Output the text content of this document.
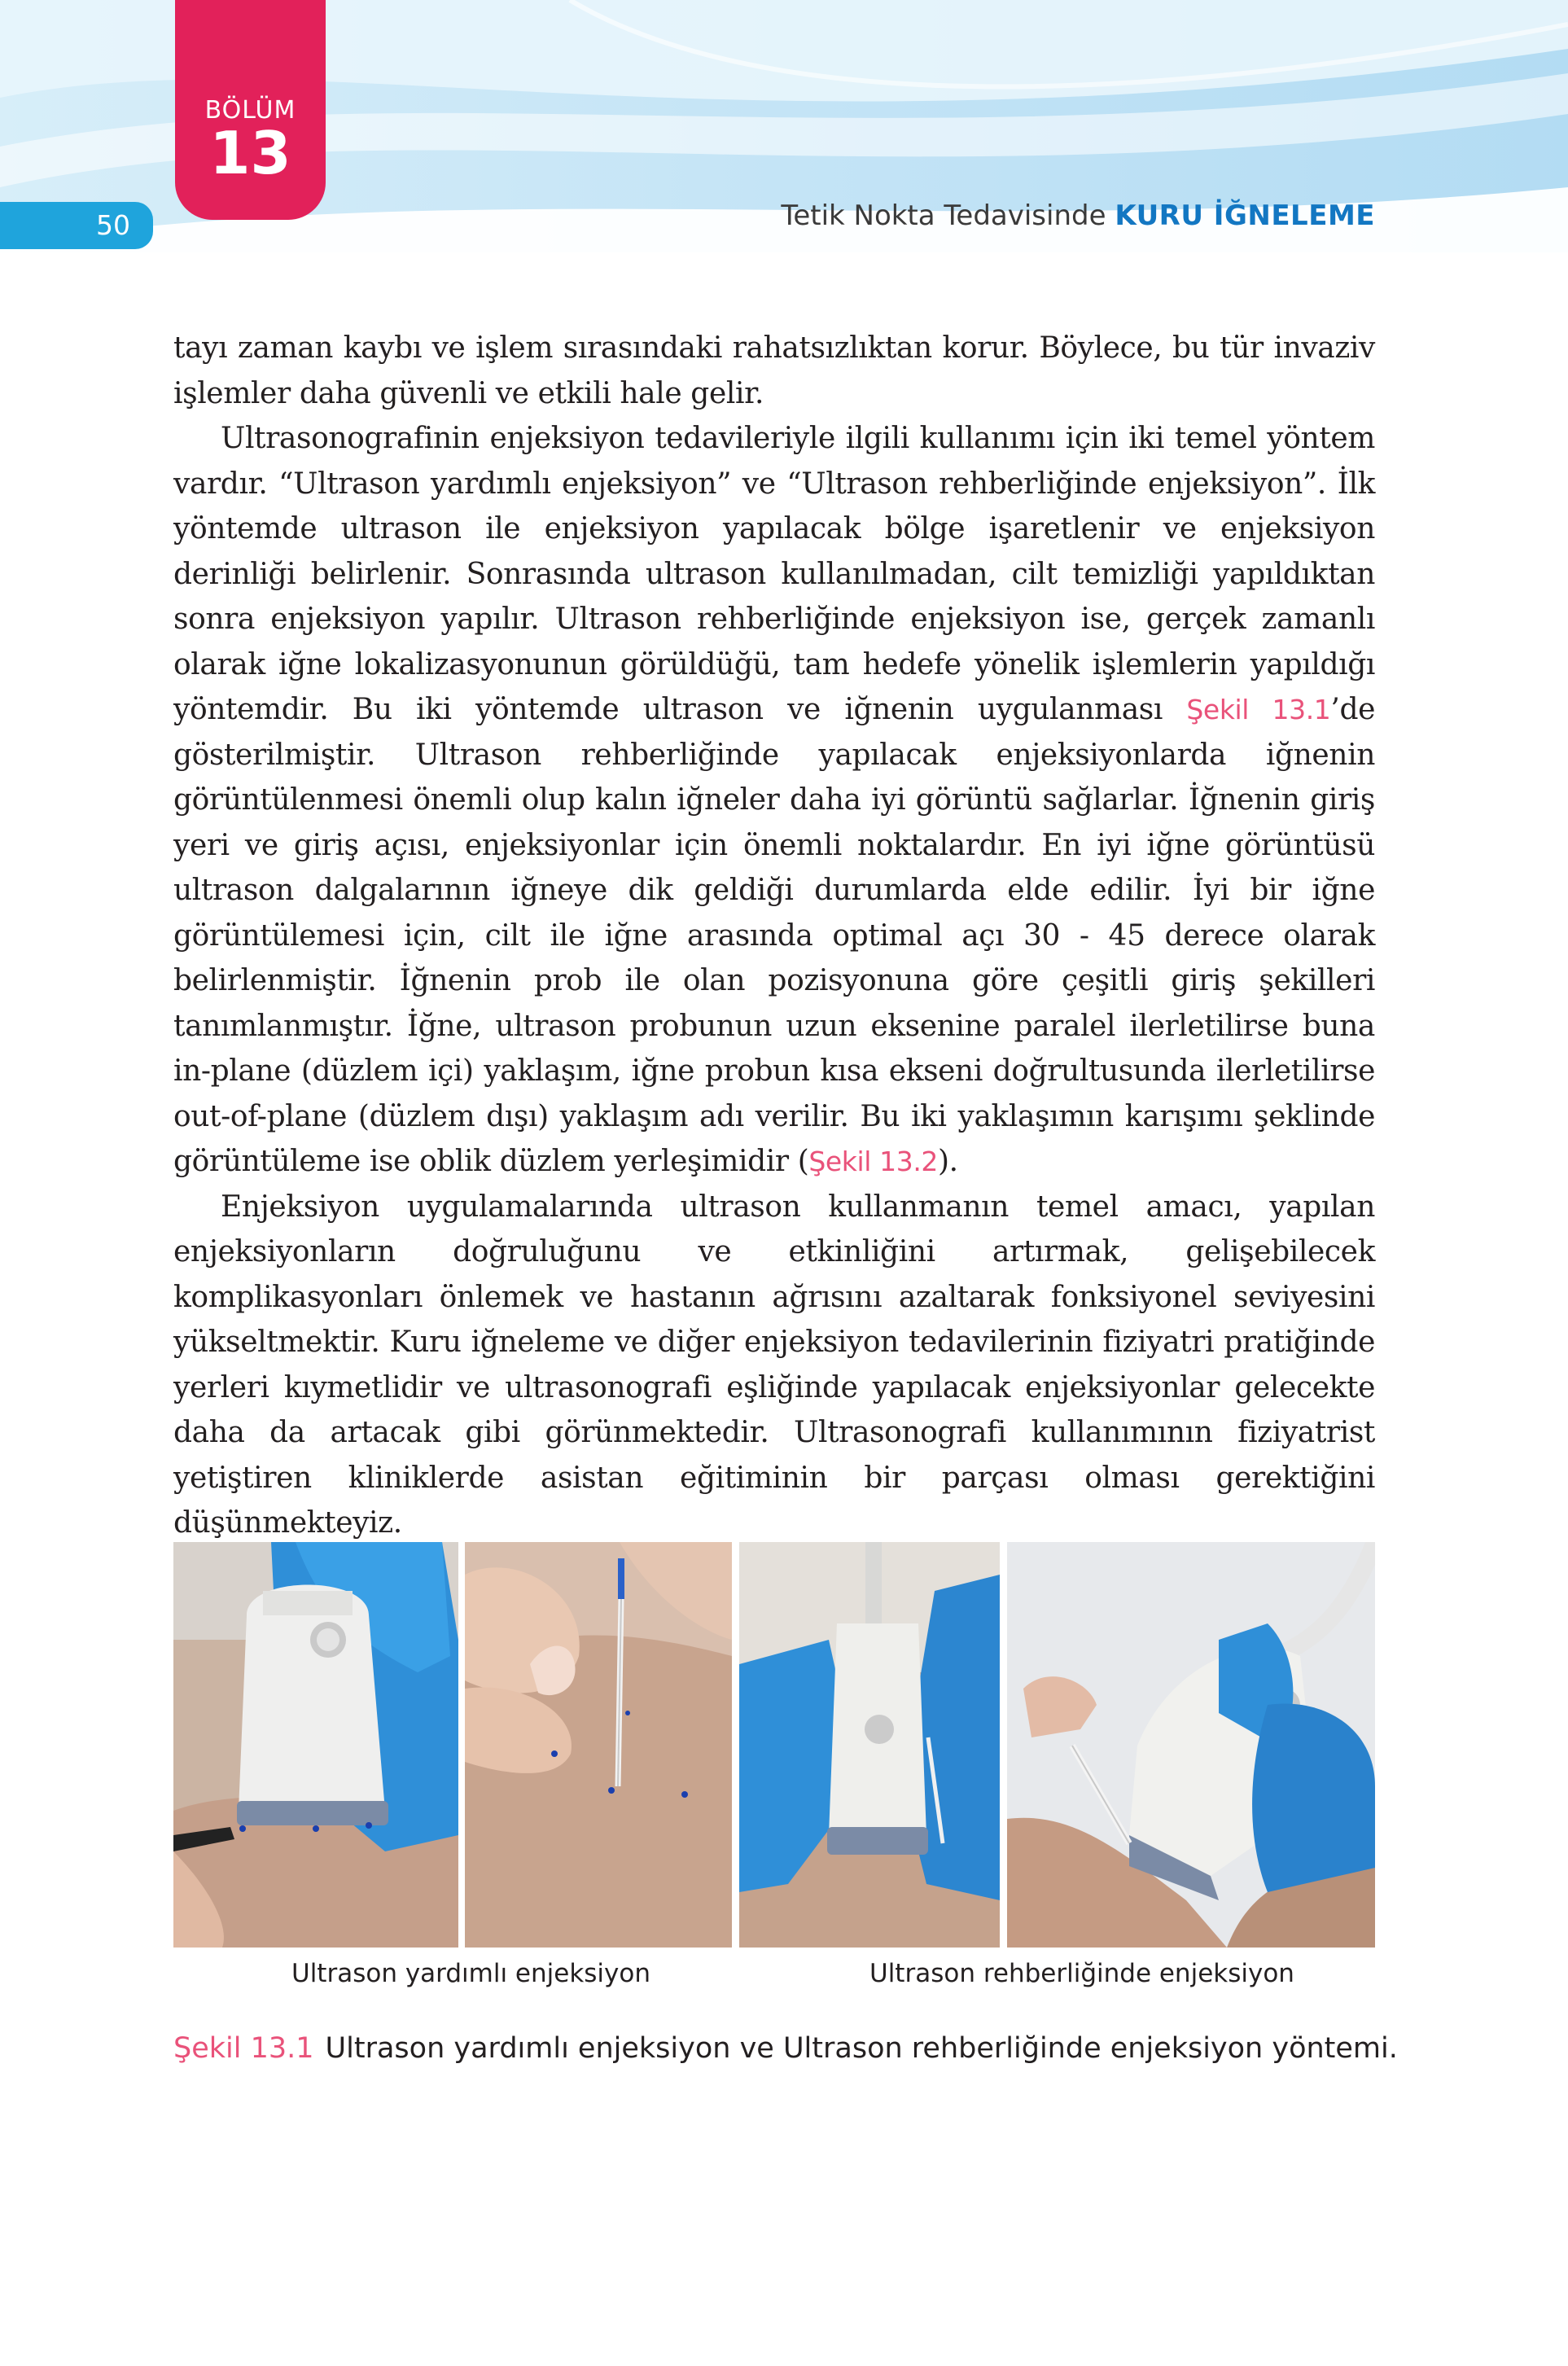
BÖLÜM
13
50	Tetik Nokta Tedavisinde KURU İĞNELEME

tayı zaman kaybı ve işlem sırasındaki rahatsızlıktan korur. Böylece, bu tür invaziv işlemler daha güvenli ve etkili hale gelir.

Ultrasonografinin enjeksiyon tedavileriyle ilgili kullanımı için iki temel yöntem vardır. “Ultrason yardımlı enjeksiyon” ve “Ultrason rehberliğinde enjeksiyon”. İlk yöntemde ultrason ile enjeksiyon yapılacak bölge işaretlenir ve enjeksiyon derinliği belirlenir. Sonrasında ultrason kullanılmadan, cilt temizliği yapıldıktan sonra enjeksiyon yapılır. Ultrason rehberliğinde enjeksiyon ise, gerçek zamanlı olarak iğne lokalizasyonunun görüldüğü, tam hedefe yönelik işlemlerin yapıldığı yöntemdir. Bu iki yöntemde ultrason ve iğnenin uygulanması Şekil 13.1’de gösterilmiştir. Ultrason rehberliğinde yapılacak enjeksiyonlarda iğnenin görüntülenmesi önemli olup kalın iğneler daha iyi görüntü sağlarlar. İğnenin giriş yeri ve giriş açısı, enjeksiyonlar için önemli noktalardır. En iyi iğne görüntüsü ultrason dalgalarının iğneye dik geldiği durumlarda elde edilir. İyi bir iğne görüntülemesi için, cilt ile iğne arasında optimal açı 30 - 45 derece olarak belirlenmiştir. İğnenin prob ile olan pozisyonuna göre çeşitli giriş şekilleri tanımlanmıştır. İğne, ultrason probunun uzun eksenine paralel ilerletilirse buna in-plane (düzlem içi) yaklaşım, iğne probun kısa ekseni doğrultusunda ilerletilirse out-of-plane (düzlem dışı) yaklaşım adı verilir. Bu iki yaklaşımın karışımı şeklinde görüntüleme ise oblik düzlem yerleşimidir (Şekil 13.2).

Enjeksiyon uygulamalarında ultrason kullanmanın temel amacı, yapılan enjeksiyonların doğruluğunu ve etkinliğini artırmak, gelişebilecek komplikasyonları önlemek ve hastanın ağrısını azaltarak fonksiyonel seviyesini yükseltmektir. Kuru iğneleme ve diğer enjeksiyon tedavilerinin fiziyatri pratiğinde yerleri kıymetlidir ve ultrasonografi eşliğinde yapılacak enjeksiyonlar gelecekte daha da artacak gibi görünmektedir. Ultrasonografi kullanımının fiziyatrist yetiştiren kliniklerde asistan eğitiminin bir parçası olması gerektiğini düşünmekteyiz.

Ultrason yardımlı enjeksiyon	Ultrason rehberliğinde enjeksiyon
Şekil 13.1 Ultrason yardımlı enjeksiyon ve Ultrason rehberliğinde enjeksiyon yöntemi.
